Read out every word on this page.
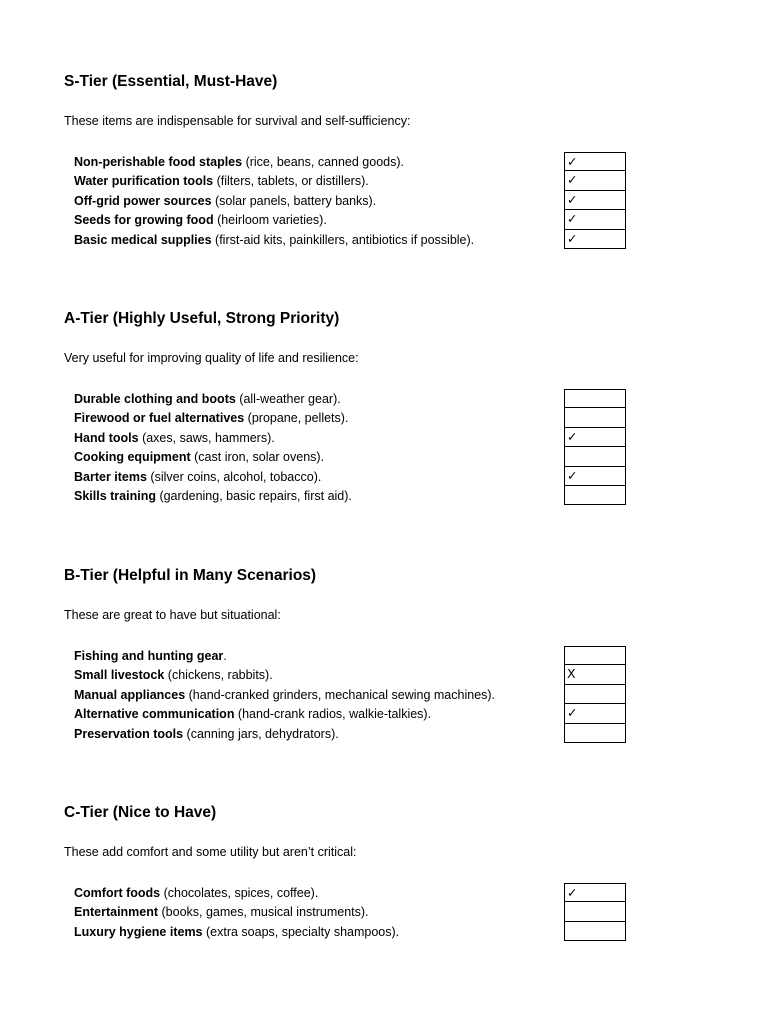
S-Tier (Essential, Must-Have)
These items are indispensable for survival and self-sufficiency:
Non-perishable food staples (rice, beans, canned goods).	✓
Water purification tools (filters, tablets, or distillers).	✓
Off-grid power sources (solar panels, battery banks).	✓
Seeds for growing food (heirloom varieties).	✓
Basic medical supplies (first-aid kits, painkillers, antibiotics if possible).	✓
A-Tier (Highly Useful, Strong Priority)
Very useful for improving quality of life and resilience:
Durable clothing and boots (all-weather gear).
Firewood or fuel alternatives (propane, pellets).
Hand tools (axes, saws, hammers).	✓
Cooking equipment (cast iron, solar ovens).
Barter items (silver coins, alcohol, tobacco).	✓
Skills training (gardening, basic repairs, first aid).
B-Tier (Helpful in Many Scenarios)
These are great to have but situational:
Fishing and hunting gear.
Small livestock (chickens, rabbits).	X
Manual appliances (hand-cranked grinders, mechanical sewing machines).
Alternative communication (hand-crank radios, walkie-talkies).	✓
Preservation tools (canning jars, dehydrators).
C-Tier (Nice to Have)
These add comfort and some utility but aren’t critical:
Comfort foods (chocolates, spices, coffee).	✓
Entertainment (books, games, musical instruments).
Luxury hygiene items (extra soaps, specialty shampoos).
